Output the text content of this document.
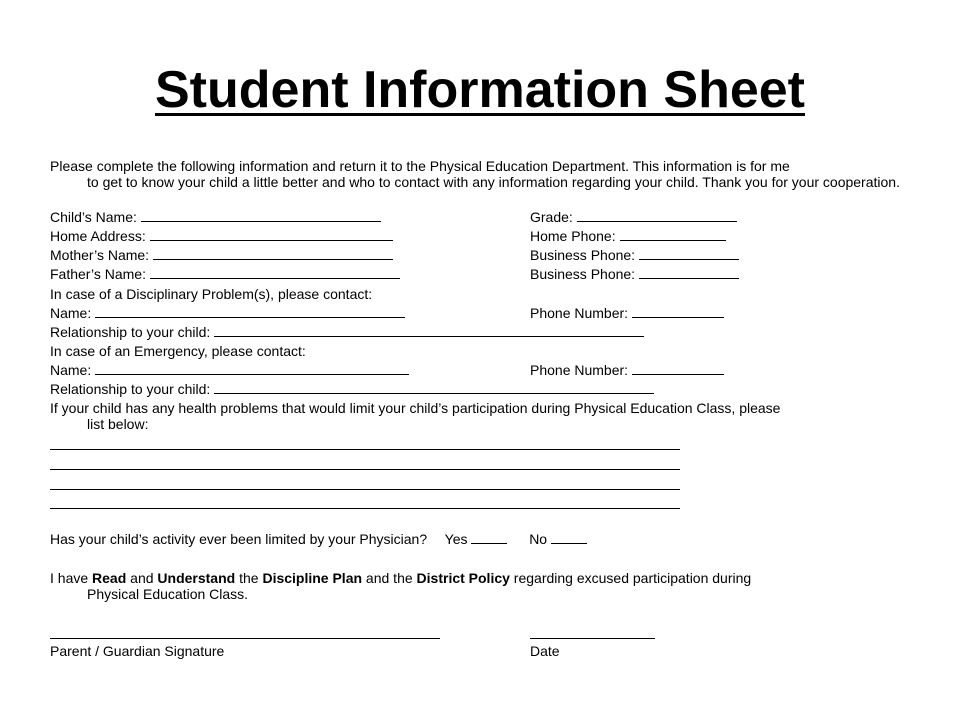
Student Information Sheet
Please complete the following information and return it to the Physical Education Department. This information is for me
to get to know your child a little better and who to contact with any information regarding your child. Thank you for your cooperation.
Child’s Name:	Grade:
Home Address:	Home Phone:
Mother’s Name:	Business Phone:
Father’s Name:	Business Phone:
In case of a Disciplinary Problem(s), please contact:
Name:	Phone Number:
Relationship to your child:
In case of an Emergency, please contact:
Name:	Phone Number:
Relationship to your child:
If your child has any health problems that would limit your child’s participation during Physical Education Class, please
list below:
Has your child’s activity ever been limited by your Physician? Yes	No
I have Read and Understand the Discipline Plan and the District Policy regarding excused participation during
Physical Education Class.
Parent / Guardian Signature	Date
